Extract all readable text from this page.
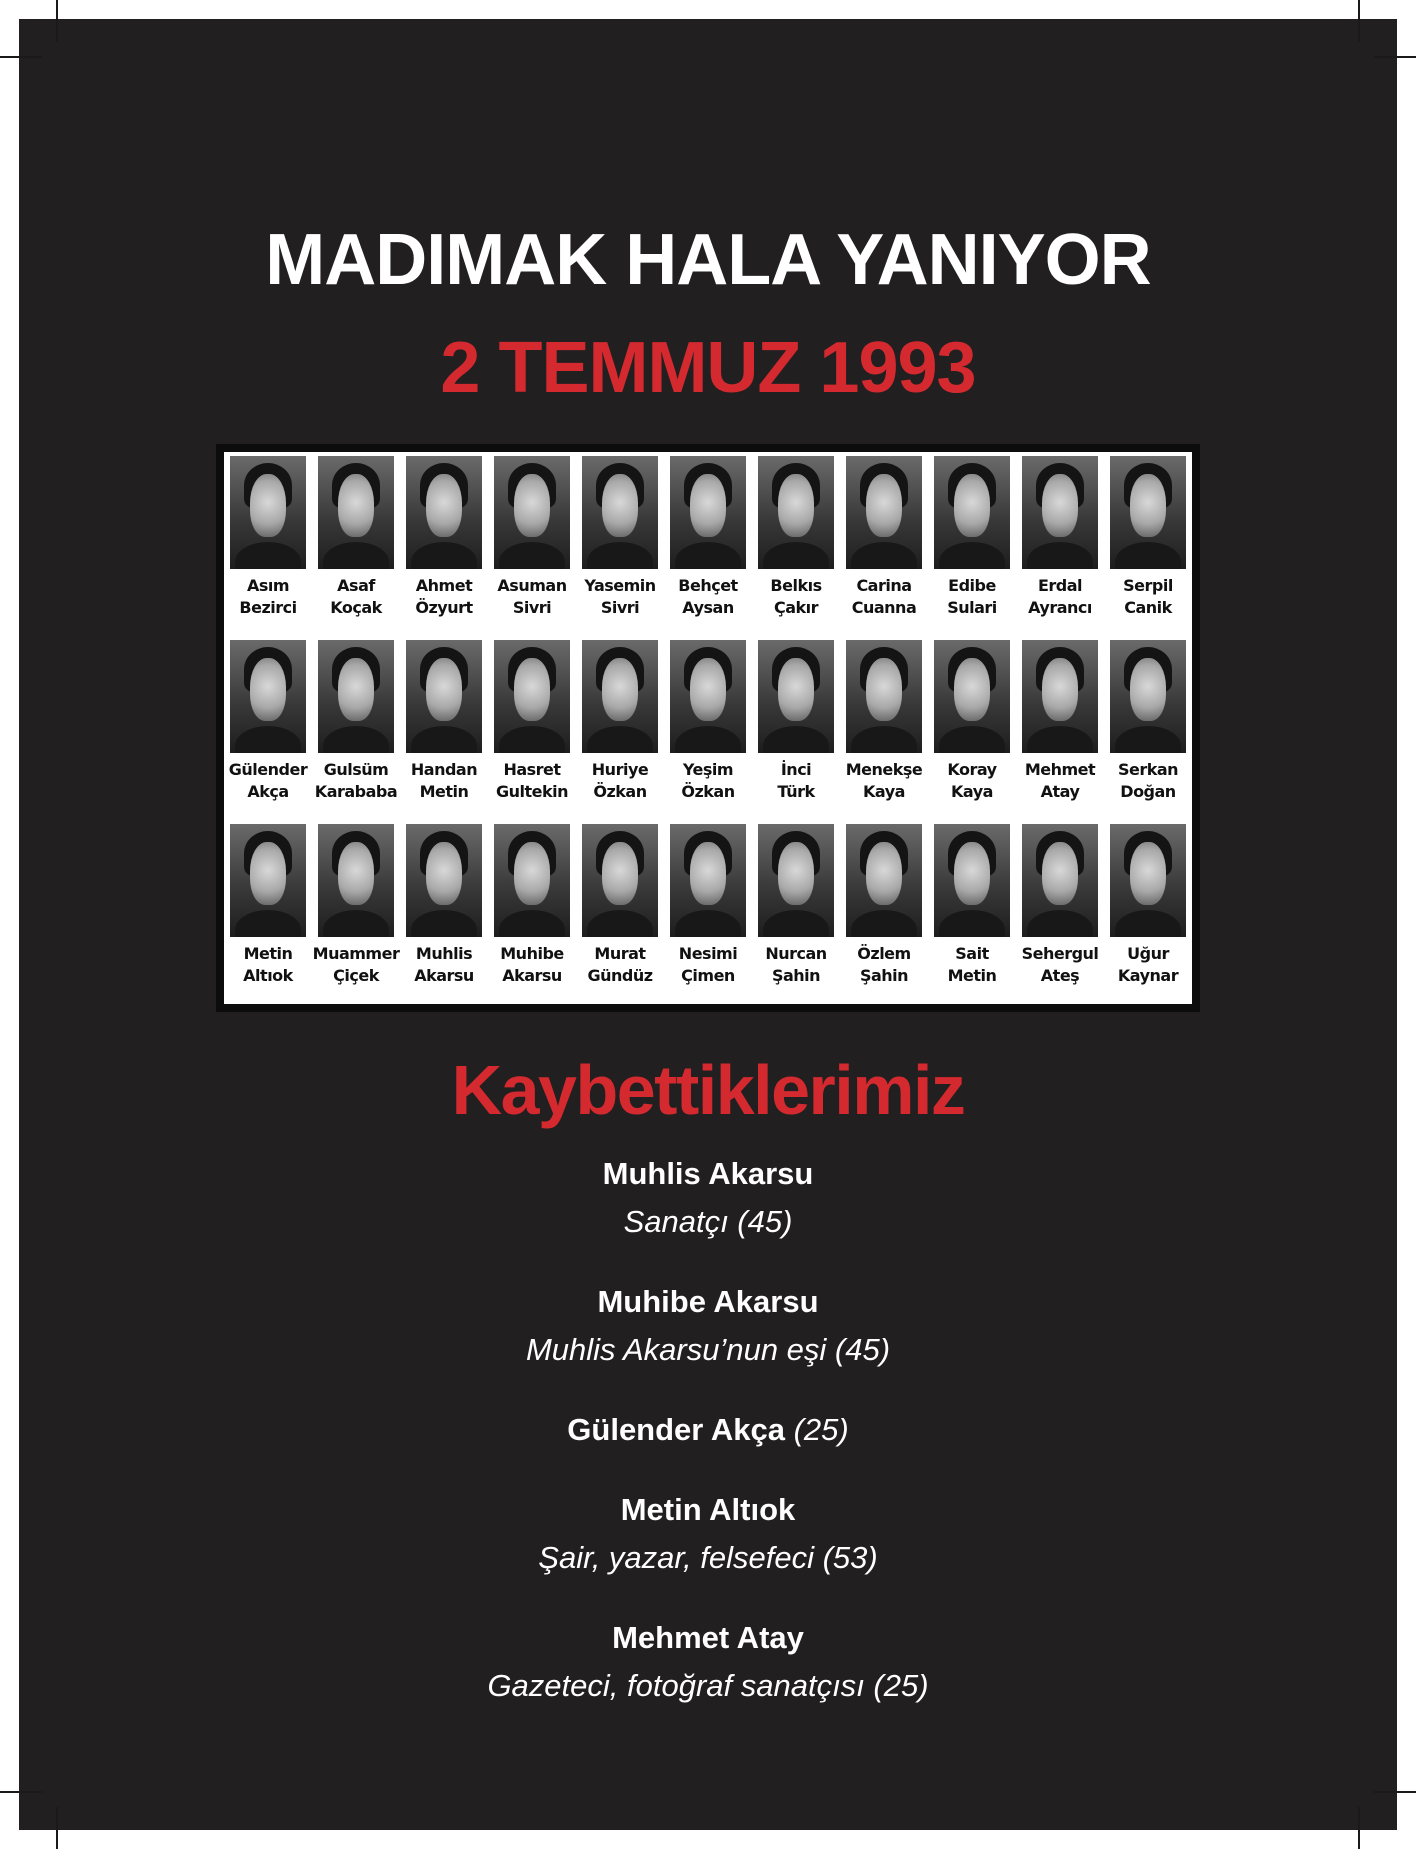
MADIMAK HALA YANIYOR
2 TEMMUZ 1993
Asım
Bezirci
Asaf
Koçak
Ahmet
Özyurt
Asuman
Sivri
Yasemin
Sivri
Behçet
Aysan
Belkıs
Çakır
Carina
Cuanna
Edibe
Sulari
Erdal
Ayrancı
Serpil
Canik
Gülender
Akça
Gulsüm
Karababa
Handan
Metin
Hasret
Gultekin
Huriye
Özkan
Yeşim
Özkan
İnci
Türk
Menekşe
Kaya
Koray
Kaya
Mehmet
Atay
Serkan
Doğan
Metin
Altıok
Muammer
Çiçek
Muhlis
Akarsu
Muhibe
Akarsu
Murat
Gündüz
Nesimi
Çimen
Nurcan
Şahin
Özlem
Şahin
Sait
Metin
Sehergul
Ateş
Uğur
Kaynar
Kaybettiklerimiz
Muhlis Akarsu
Sanatçı (45)
Muhibe Akarsu
Muhlis Akarsu’nun eşi (45)
Gülender Akça (25)
Metin Altıok
Şair, yazar, felsefeci (53)
Mehmet Atay
Gazeteci, fotoğraf sanatçısı (25)
